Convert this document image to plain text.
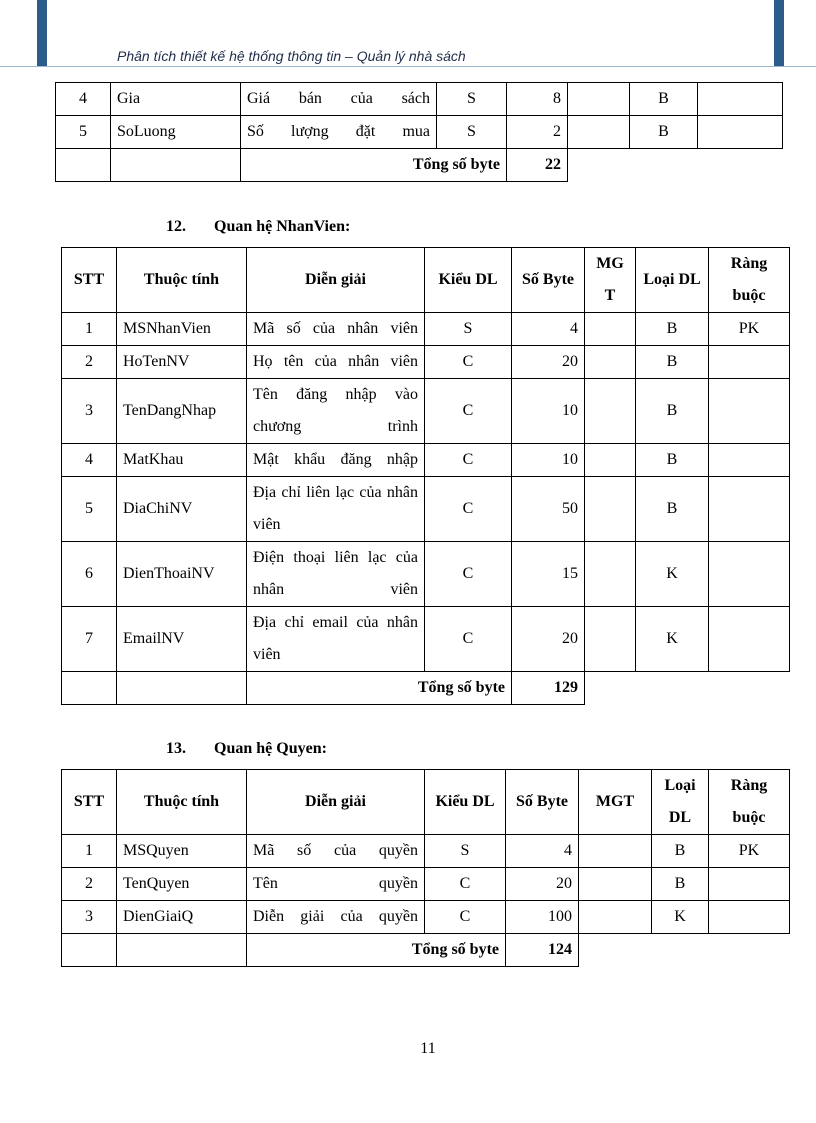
Phân tích thiết kế hệ thống thông tin – Quản lý nhà sách
4	Gia	Giá bán của sách	S	8		B	
5	SoLuong	Số lượng đặt mua	S	2		B	
		Tổng số byte		22			
12. Quan hệ NhanVien:
STT	Thuộc tính	Diễn giải	Kiểu DL	Số Byte	MG T	Loại DL	Ràng buộc
1	MSNhanVien	Mã số của nhân viên	S	4		B	PK
2	HoTenNV	Họ tên của nhân viên	C	20		B	
3	TenDangNhap	Tên đăng nhập vào chương trình	C	10		B	
4	MatKhau	Mật khẩu đăng nhập	C	10		B	
5	DiaChiNV	Địa chỉ liên lạc của nhân viên	C	50		B	
6	DienThoaiNV	Điện thoại liên lạc của nhân viên	C	15		K	
7	EmailNV	Địa chỉ email của nhân viên	C	20		K	
		Tổng số byte		129			
13. Quan hệ Quyen:
STT	Thuộc tính	Diễn giải	Kiểu DL	Số Byte	MGT	Loại DL	Ràng buộc
1	MSQuyen	Mã số của quyền	S	4		B	PK
2	TenQuyen	Tên quyền	C	20		B	
3	DienGiaiQ	Diễn giải của quyền	C	100		K	
		Tổng số byte		124			
11
